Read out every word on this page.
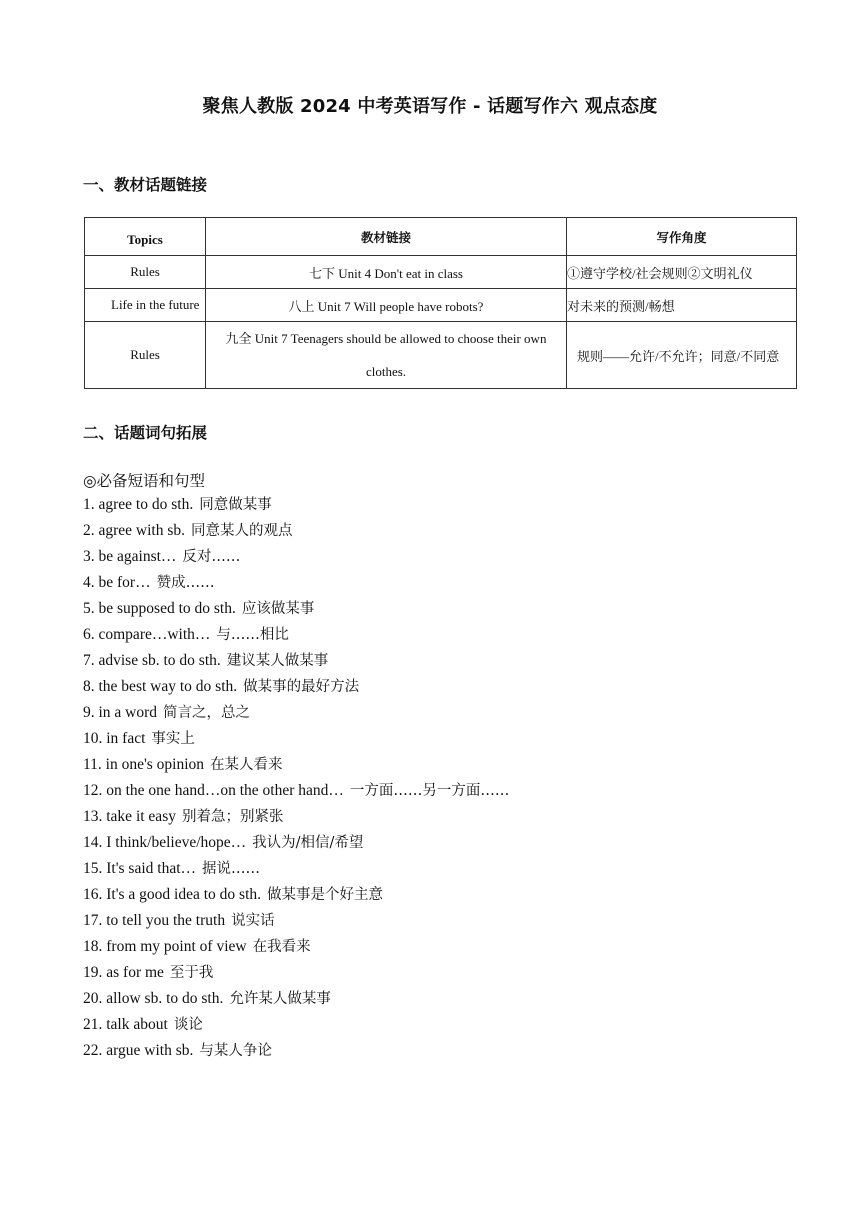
聚焦人教版 2024 中考英语写作 - 话题写作六 观点态度
一、教材话题链接
Topics	教材链接	写作角度
Rules	七下 Unit 4 Don't eat in class	①遵守学校/社会规则②文明礼仪
Life in the future	八上 Unit 7 Will people have robots?	对未来的预测/畅想
Rules	九全 Unit 7 Teenagers should be allowed to choose their own clothes.	规则——允许/不允许；同意/不同意
二、话题词句拓展
◎必备短语和句型
1. agree to do sth. 同意做某事
2. agree with sb. 同意某人的观点
3. be against… 反对……
4. be for… 赞成……
5. be supposed to do sth. 应该做某事
6. compare…with… 与……相比
7. advise sb. to do sth. 建议某人做某事
8. the best way to do sth. 做某事的最好方法
9. in a word 简言之，总之
10. in fact 事实上
11. in one's opinion 在某人看来
12. on the one hand…on the other hand… 一方面……另一方面……
13. take it easy 别着急；别紧张
14. I think/believe/hope… 我认为/相信/希望
15. It's said that… 据说……
16. It's a good idea to do sth. 做某事是个好主意
17. to tell you the truth 说实话
18. from my point of view 在我看来
19. as for me 至于我
20. allow sb. to do sth. 允许某人做某事
21. talk about 谈论
22. argue with sb. 与某人争论
